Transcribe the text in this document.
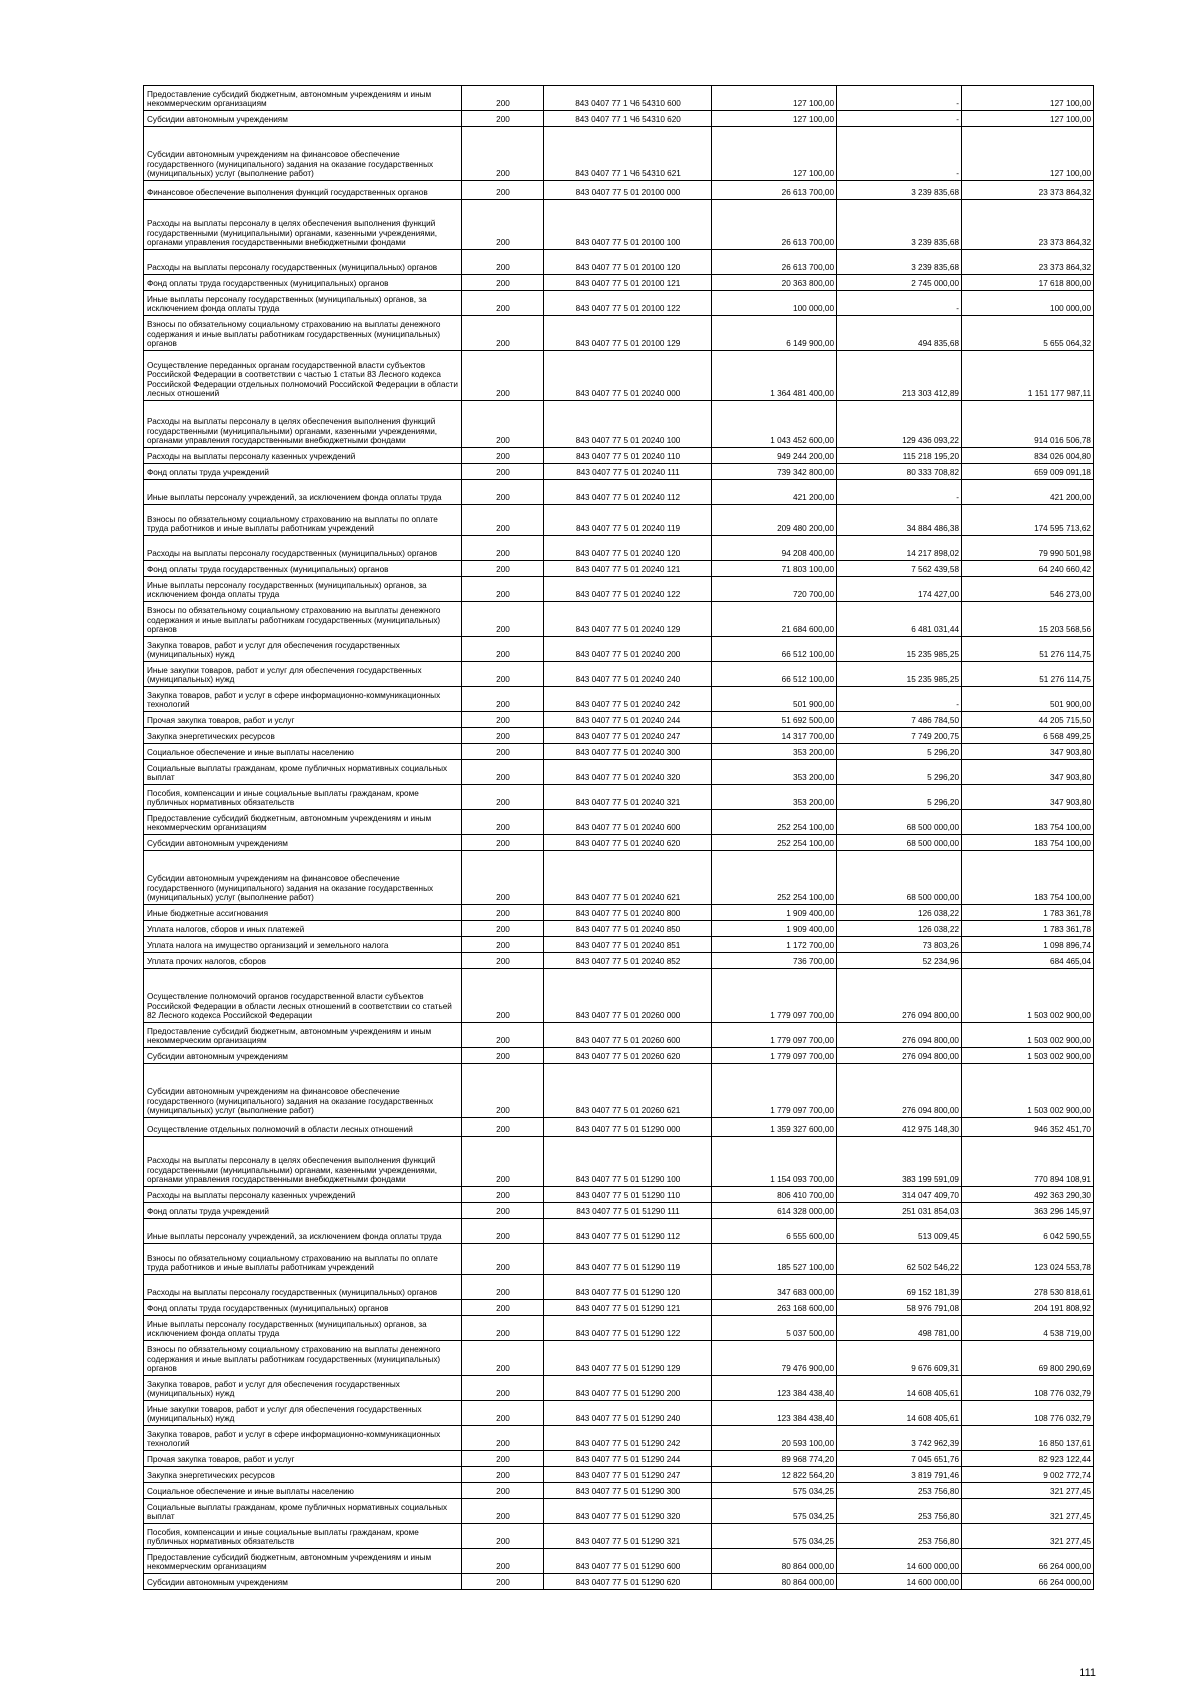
Предоставление субсидий бюджетным, автономным учреждениям и иным некоммерческим организациям	200	843 0407 77 1 Ч6 54310 600	127 100,00	-	127 100,00
Субсидии автономным учреждениям	200	843 0407 77 1 Ч6 54310 620	127 100,00	-	127 100,00
Субсидии автономным учреждениям на финансовое обеспечение государственного (муниципального) задания на оказание государственных (муниципальных) услуг (выполнение работ)	200	843 0407 77 1 Ч6 54310 621	127 100,00	-	127 100,00
Финансовое обеспечение выполнения функций государственных органов	200	843 0407 77 5 01 20100 000	26 613 700,00	3 239 835,68	23 373 864,32
Расходы на выплаты персоналу в целях обеспечения выполнения функций государственными (муниципальными) органами, казенными учреждениями, органами управления государственными внебюджетными фондами	200	843 0407 77 5 01 20100 100	26 613 700,00	3 239 835,68	23 373 864,32
Расходы на выплаты персоналу государственных (муниципальных) органов	200	843 0407 77 5 01 20100 120	26 613 700,00	3 239 835,68	23 373 864,32
Фонд оплаты труда государственных (муниципальных) органов	200	843 0407 77 5 01 20100 121	20 363 800,00	2 745 000,00	17 618 800,00
Иные выплаты персоналу государственных (муниципальных) органов, за исключением фонда оплаты труда	200	843 0407 77 5 01 20100 122	100 000,00	-	100 000,00
Взносы по обязательному социальному страхованию на выплаты денежного содержания и иные выплаты работникам государственных (муниципальных) органов	200	843 0407 77 5 01 20100 129	6 149 900,00	494 835,68	5 655 064,32
Осуществление переданных органам государственной власти субъектов Российской Федерации в соответствии с частью 1 статьи 83 Лесного кодекса Российской Федерации отдельных полномочий Российской Федерации в области лесных отношений	200	843 0407 77 5 01 20240 000	1 364 481 400,00	213 303 412,89	1 151 177 987,11
Расходы на выплаты персоналу в целях обеспечения выполнения функций государственными (муниципальными) органами, казенными учреждениями, органами управления государственными внебюджетными фондами	200	843 0407 77 5 01 20240 100	1 043 452 600,00	129 436 093,22	914 016 506,78
Расходы на выплаты персоналу казенных учреждений	200	843 0407 77 5 01 20240 110	949 244 200,00	115 218 195,20	834 026 004,80
Фонд оплаты труда учреждений	200	843 0407 77 5 01 20240 111	739 342 800,00	80 333 708,82	659 009 091,18
Иные выплаты персоналу учреждений, за исключением фонда оплаты труда	200	843 0407 77 5 01 20240 112	421 200,00	-	421 200,00
Взносы по обязательному социальному страхованию на выплаты по оплате труда работников и иные выплаты работникам учреждений	200	843 0407 77 5 01 20240 119	209 480 200,00	34 884 486,38	174 595 713,62
Расходы на выплаты персоналу государственных (муниципальных) органов	200	843 0407 77 5 01 20240 120	94 208 400,00	14 217 898,02	79 990 501,98
Фонд оплаты труда государственных (муниципальных) органов	200	843 0407 77 5 01 20240 121	71 803 100,00	7 562 439,58	64 240 660,42
Иные выплаты персоналу государственных (муниципальных) органов, за исключением фонда оплаты труда	200	843 0407 77 5 01 20240 122	720 700,00	174 427,00	546 273,00
Взносы по обязательному социальному страхованию на выплаты денежного содержания и иные выплаты работникам государственных (муниципальных) органов	200	843 0407 77 5 01 20240 129	21 684 600,00	6 481 031,44	15 203 568,56
Закупка товаров, работ и услуг для обеспечения государственных (муниципальных) нужд	200	843 0407 77 5 01 20240 200	66 512 100,00	15 235 985,25	51 276 114,75
Иные закупки товаров, работ и услуг для обеспечения государственных (муниципальных) нужд	200	843 0407 77 5 01 20240 240	66 512 100,00	15 235 985,25	51 276 114,75
Закупка товаров, работ и услуг в сфере информационно-коммуникационных технологий	200	843 0407 77 5 01 20240 242	501 900,00	-	501 900,00
Прочая закупка товаров, работ и услуг	200	843 0407 77 5 01 20240 244	51 692 500,00	7 486 784,50	44 205 715,50
Закупка энергетических ресурсов	200	843 0407 77 5 01 20240 247	14 317 700,00	7 749 200,75	6 568 499,25
Социальное обеспечение и иные выплаты населению	200	843 0407 77 5 01 20240 300	353 200,00	5 296,20	347 903,80
Социальные выплаты гражданам, кроме публичных нормативных социальных выплат	200	843 0407 77 5 01 20240 320	353 200,00	5 296,20	347 903,80
Пособия, компенсации и иные социальные выплаты гражданам, кроме публичных нормативных обязательств	200	843 0407 77 5 01 20240 321	353 200,00	5 296,20	347 903,80
Предоставление субсидий бюджетным, автономным учреждениям и иным некоммерческим организациям	200	843 0407 77 5 01 20240 600	252 254 100,00	68 500 000,00	183 754 100,00
Субсидии автономным учреждениям	200	843 0407 77 5 01 20240 620	252 254 100,00	68 500 000,00	183 754 100,00
Субсидии автономным учреждениям на финансовое обеспечение государственного (муниципального) задания на оказание государственных (муниципальных) услуг (выполнение работ)	200	843 0407 77 5 01 20240 621	252 254 100,00	68 500 000,00	183 754 100,00
Иные бюджетные ассигнования	200	843 0407 77 5 01 20240 800	1 909 400,00	126 038,22	1 783 361,78
Уплата налогов, сборов и иных платежей	200	843 0407 77 5 01 20240 850	1 909 400,00	126 038,22	1 783 361,78
Уплата налога на имущество организаций и земельного налога	200	843 0407 77 5 01 20240 851	1 172 700,00	73 803,26	1 098 896,74
Уплата прочих налогов, сборов	200	843 0407 77 5 01 20240 852	736 700,00	52 234,96	684 465,04
Осуществление полномочий органов государственной власти субъектов Российской Федерации в области лесных отношений в соответствии со статьей 82 Лесного кодекса Российской Федерации	200	843 0407 77 5 01 20260 000	1 779 097 700,00	276 094 800,00	1 503 002 900,00
Предоставление субсидий бюджетным, автономным учреждениям и иным некоммерческим организациям	200	843 0407 77 5 01 20260 600	1 779 097 700,00	276 094 800,00	1 503 002 900,00
Субсидии автономным учреждениям	200	843 0407 77 5 01 20260 620	1 779 097 700,00	276 094 800,00	1 503 002 900,00
Субсидии автономным учреждениям на финансовое обеспечение государственного (муниципального) задания на оказание государственных (муниципальных) услуг (выполнение работ)	200	843 0407 77 5 01 20260 621	1 779 097 700,00	276 094 800,00	1 503 002 900,00
Осуществление отдельных полномочий в области лесных отношений	200	843 0407 77 5 01 51290 000	1 359 327 600,00	412 975 148,30	946 352 451,70
Расходы на выплаты персоналу в целях обеспечения выполнения функций государственными (муниципальными) органами, казенными учреждениями, органами управления государственными внебюджетными фондами	200	843 0407 77 5 01 51290 100	1 154 093 700,00	383 199 591,09	770 894 108,91
Расходы на выплаты персоналу казенных учреждений	200	843 0407 77 5 01 51290 110	806 410 700,00	314 047 409,70	492 363 290,30
Фонд оплаты труда учреждений	200	843 0407 77 5 01 51290 111	614 328 000,00	251 031 854,03	363 296 145,97
Иные выплаты персоналу учреждений, за исключением фонда оплаты труда	200	843 0407 77 5 01 51290 112	6 555 600,00	513 009,45	6 042 590,55
Взносы по обязательному социальному страхованию на выплаты по оплате труда работников и иные выплаты работникам учреждений	200	843 0407 77 5 01 51290 119	185 527 100,00	62 502 546,22	123 024 553,78
Расходы на выплаты персоналу государственных (муниципальных) органов	200	843 0407 77 5 01 51290 120	347 683 000,00	69 152 181,39	278 530 818,61
Фонд оплаты труда государственных (муниципальных) органов	200	843 0407 77 5 01 51290 121	263 168 600,00	58 976 791,08	204 191 808,92
Иные выплаты персоналу государственных (муниципальных) органов, за исключением фонда оплаты труда	200	843 0407 77 5 01 51290 122	5 037 500,00	498 781,00	4 538 719,00
Взносы по обязательному социальному страхованию на выплаты денежного содержания и иные выплаты работникам государственных (муниципальных) органов	200	843 0407 77 5 01 51290 129	79 476 900,00	9 676 609,31	69 800 290,69
Закупка товаров, работ и услуг для обеспечения государственных (муниципальных) нужд	200	843 0407 77 5 01 51290 200	123 384 438,40	14 608 405,61	108 776 032,79
Иные закупки товаров, работ и услуг для обеспечения государственных (муниципальных) нужд	200	843 0407 77 5 01 51290 240	123 384 438,40	14 608 405,61	108 776 032,79
Закупка товаров, работ и услуг в сфере информационно-коммуникационных технологий	200	843 0407 77 5 01 51290 242	20 593 100,00	3 742 962,39	16 850 137,61
Прочая закупка товаров, работ и услуг	200	843 0407 77 5 01 51290 244	89 968 774,20	7 045 651,76	82 923 122,44
Закупка энергетических ресурсов	200	843 0407 77 5 01 51290 247	12 822 564,20	3 819 791,46	9 002 772,74
Социальное обеспечение и иные выплаты населению	200	843 0407 77 5 01 51290 300	575 034,25	253 756,80	321 277,45
Социальные выплаты гражданам, кроме публичных нормативных социальных выплат	200	843 0407 77 5 01 51290 320	575 034,25	253 756,80	321 277,45
Пособия, компенсации и иные социальные выплаты гражданам, кроме публичных нормативных обязательств	200	843 0407 77 5 01 51290 321	575 034,25	253 756,80	321 277,45
Предоставление субсидий бюджетным, автономным учреждениям и иным некоммерческим организациям	200	843 0407 77 5 01 51290 600	80 864 000,00	14 600 000,00	66 264 000,00
Субсидии автономным учреждениям	200	843 0407 77 5 01 51290 620	80 864 000,00	14 600 000,00	66 264 000,00
111
